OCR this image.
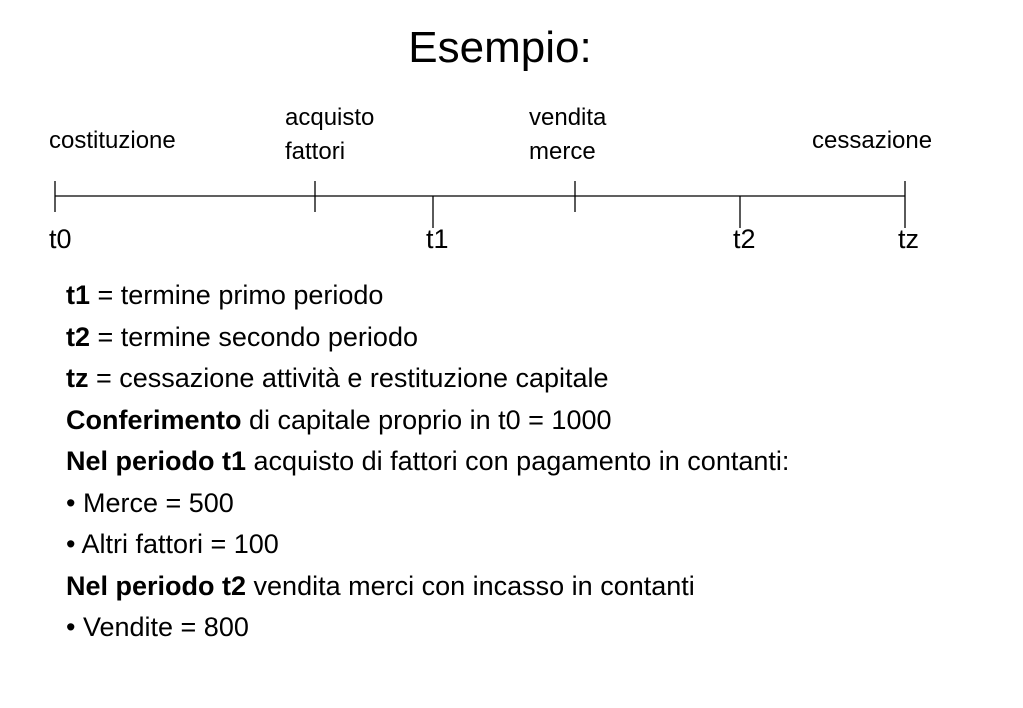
Esempio:
costituzione
acquisto
fattori
vendita
merce	cessazione
t0	t1	t2	tz
t1 = termine primo periodo
t2 = termine secondo periodo
tz = cessazione attività e restituzione capitale
Conferimento di capitale proprio in t0 = 1000
Nel periodo t1 acquisto di fattori con pagamento in contanti:
• Merce = 500
• Altri fattori = 100
Nel periodo t2 vendita merci con incasso in contanti
• Vendite = 800
